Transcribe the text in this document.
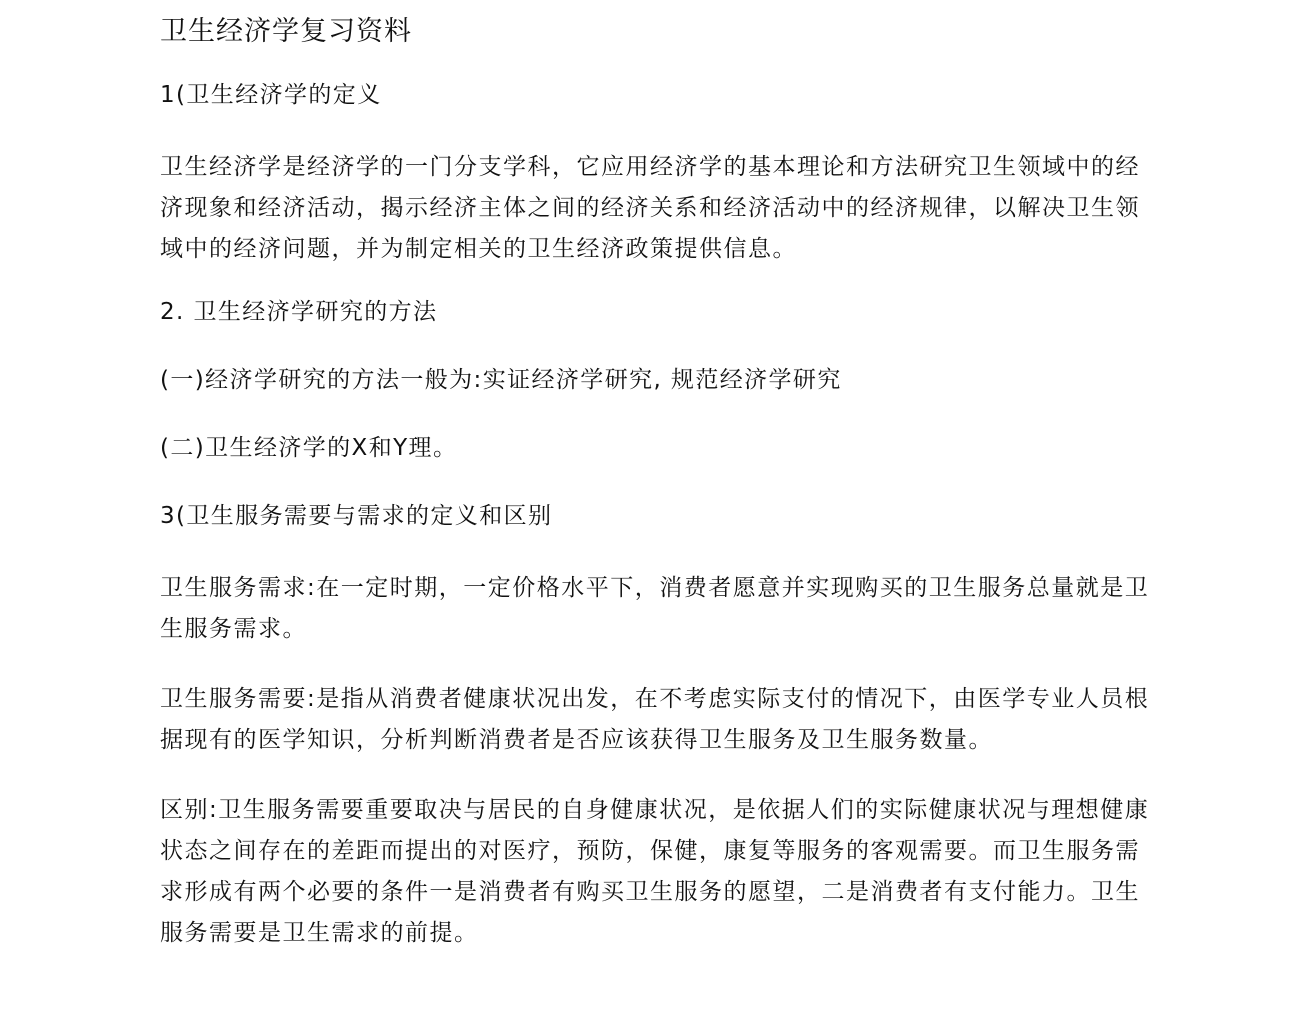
卫生经济学复习资料
1(卫生经济学的定义
卫生经济学是经济学的一门分支学科，它应用经济学的基本理论和方法研究卫生领域中的经济现象和经济活动，揭示经济主体之间的经济关系和经济活动中的经济规律，以解决卫生领域中的经济问题，并为制定相关的卫生经济政策提供信息。
2. 卫生经济学研究的方法
(一)经济学研究的方法一般为:实证经济学研究, 规范经济学研究
(二)卫生经济学的X和Y理。
3(卫生服务需要与需求的定义和区别
卫生服务需求:在一定时期，一定价格水平下，消费者愿意并实现购买的卫生服务总量就是卫生服务需求。
卫生服务需要:是指从消费者健康状况出发，在不考虑实际支付的情况下，由医学专业人员根据现有的医学知识，分析判断消费者是否应该获得卫生服务及卫生服务数量。
区别:卫生服务需要重要取决与居民的自身健康状况，是依据人们的实际健康状况与理想健康状态之间存在的差距而提出的对医疗，预防，保健，康复等服务的客观需要。而卫生服务需求形成有两个必要的条件一是消费者有购买卫生服务的愿望，二是消费者有支付能力。卫生服务需要是卫生需求的前提。
